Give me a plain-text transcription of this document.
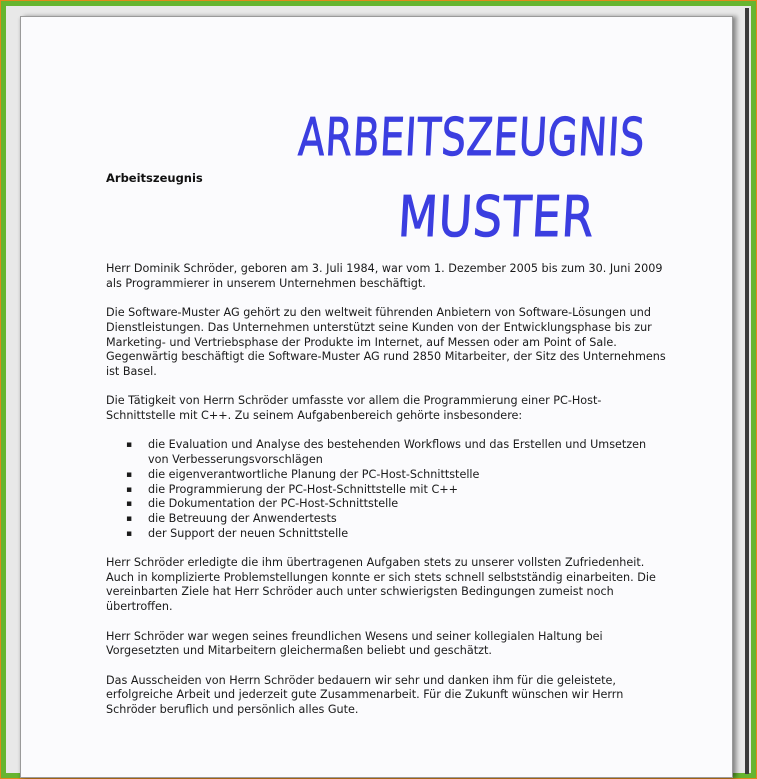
ARBEITSZEUGNIS
MUSTER
Arbeitszeugnis

Herr Dominik Schröder, geboren am 3. Juli 1984, war vom 1. Dezember 2005 bis zum 30. Juni 2009 als Programmierer in unserem Unternehmen beschäftigt.

Die Software-Muster AG gehört zu den weltweit führenden Anbietern von Software-Lösungen und Dienstleistungen. Das Unternehmen unterstützt seine Kunden von der Entwicklungsphase bis zur Marketing- und Vertriebsphase der Produkte im Internet, auf Messen oder am Point of Sale. Gegenwärtig beschäftigt die Software-Muster AG rund 2850 Mitarbeiter, der Sitz des Unternehmens ist Basel.

Die Tätigkeit von Herrn Schröder umfasste vor allem die Programmierung einer PC-Host-Schnittstelle mit C++. Zu seinem Aufgabenbereich gehörte insbesondere:

▪ die Evaluation und Analyse des bestehenden Workflows und das Erstellen und Umsetzen von Verbesserungsvorschlägen
▪ die eigenverantwortliche Planung der PC-Host-Schnittstelle
▪ die Programmierung der PC-Host-Schnittstelle mit C++
▪ die Dokumentation der PC-Host-Schnittstelle
▪ die Betreuung der Anwendertests
▪ der Support der neuen Schnittstelle

Herr Schröder erledigte die ihm übertragenen Aufgaben stets zu unserer vollsten Zufriedenheit. Auch in komplizierte Problemstellungen konnte er sich stets schnell selbstständig einarbeiten. Die vereinbarten Ziele hat Herr Schröder auch unter schwierigsten Bedingungen zumeist noch übertroffen.

Herr Schröder war wegen seines freundlichen Wesens und seiner kollegialen Haltung bei Vorgesetzten und Mitarbeitern gleichermaßen beliebt und geschätzt.

Das Ausscheiden von Herrn Schröder bedauern wir sehr und danken ihm für die geleistete, erfolgreiche Arbeit und jederzeit gute Zusammenarbeit. Für die Zukunft wünschen wir Herrn Schröder beruflich und persönlich alles Gute.
